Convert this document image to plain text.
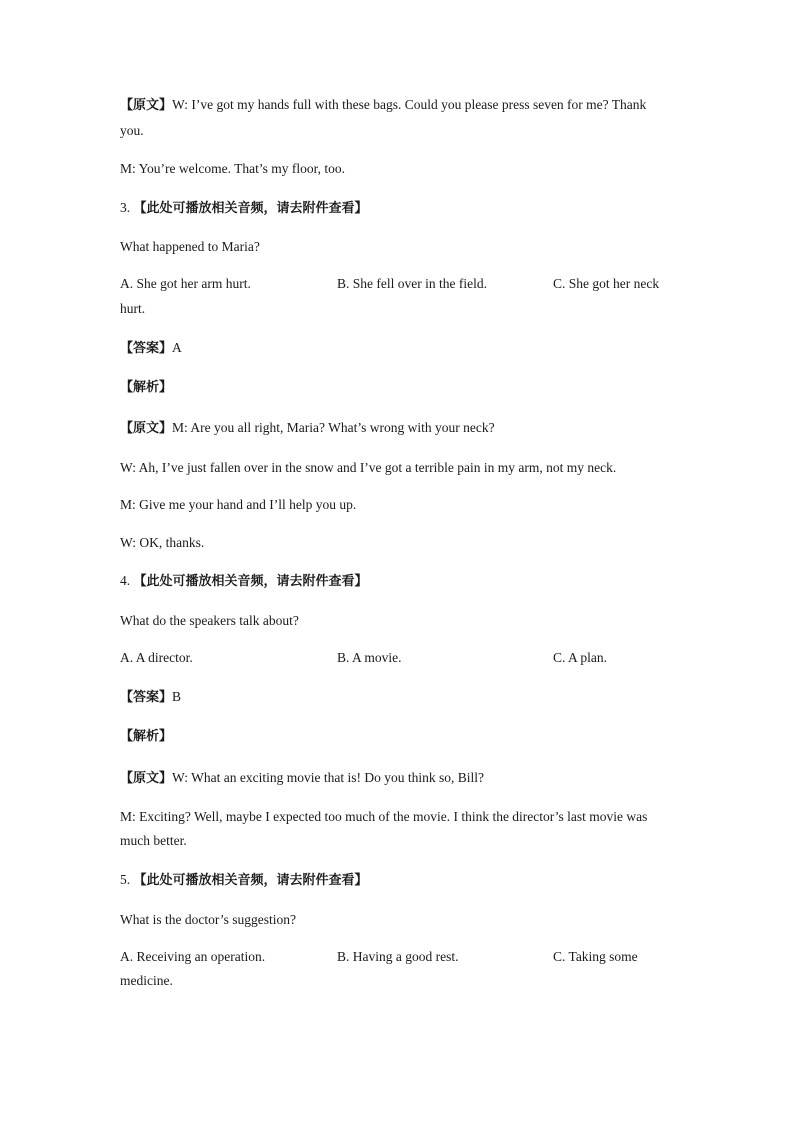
【原文】W: I’ve got my hands full with these bags. Could you please press seven for me? Thank
you.
M: You’re welcome. That’s my floor, too.
3. 【此处可播放相关音频，请去附件查看】
What happened to Maria?
A. She got her arm hurt.	B. She fell over in the field.	C. She got her neck
hurt.
【答案】A
【解析】
【原文】M: Are you all right, Maria? What’s wrong with your neck?
W: Ah, I’ve just fallen over in the snow and I’ve got a terrible pain in my arm, not my neck.
M: Give me your hand and I’ll help you up.
W: OK, thanks.
4. 【此处可播放相关音频，请去附件查看】
What do the speakers talk about?
A. A director.	B. A movie.	C. A plan.
【答案】B
【解析】
【原文】W: What an exciting movie that is! Do you think so, Bill?
M: Exciting? Well, maybe I expected too much of the movie. I think the director’s last movie was
much better.
5. 【此处可播放相关音频，请去附件查看】
What is the doctor’s suggestion?
A. Receiving an operation.	B. Having a good rest.	C. Taking some
medicine.
